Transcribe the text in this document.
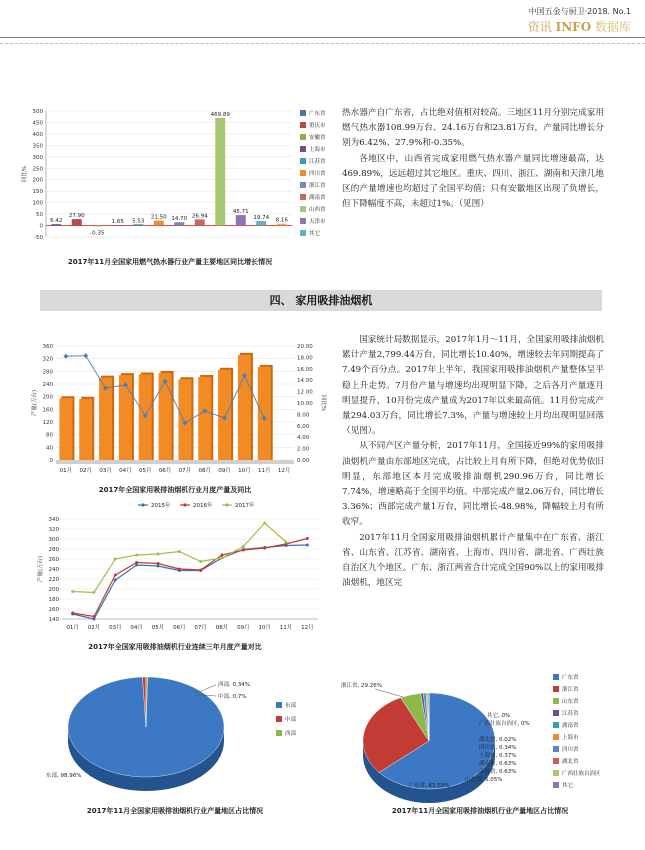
中国五金与厨卫·2018. No.1
资讯 INFO 数据库
-50
0
50
100
150
200
250
300
350
400
450
500
同比%
6.42
27.90
-0.35
1.65 5.53
21.50 14.70 26.94
469.89
45.71
19.74 8.16
广东省
重庆市
安徽省
上海市
江苏省
四川省
浙江省
湖南省
山西省
天津市
其它
2017年11月全国家用燃气热水器行业产量主要地区同比增长情况

热水器产自广东省，占比绝对值相对较高。三地区11月分别完成家用燃气热水器108.99万台、24.16万台和23.81万台，产量同比增长分别为6.42%、27.9%和-0.35%。

各地区中，山西省完成家用燃气热水器产量同比增速最高，达469.89%，远远超过其它地区。重庆、四川、浙江、湖南和天津几地区的产量增速也均超过了全国平均值；只有安徽地区出现了负增长，但下降幅度不高，未超过1%。（见图）

四、 家用吸排油烟机
0
40
80
120
160
200
240
280
320
360
0.00
2.00
4.00
6.00
8.00
10.00
12.00
14.00
16.00
18.00
20.00
产量(万台)	同比%
01月 02月 03月 04月 05月 06月 07月 08月 09月 10月 11月 12月
2017年全国家用吸排油烟机行业月度产量及同比
140
160
180
200
220
240
260
280
300
320
340
产量(万台)
01月 02月 03月 04月 05月 06月 07月 08月 09月 10月 11月 12月
2015年	2016年	2017年
2017年全国家用吸排油烟机行业连续三年月度产量对比

国家统计局数据显示，2017年1月～11月，全国家用吸排油烟机累计产量2,799.44万台，同比增长10.40%，增速较去年同期提高了7.49个百分点。2017年上半年，我国家用吸排油烟机产量整体呈平稳上升走势。7月份产量与增速均出现明显下降，之后各月产量逐月明显提升，10月份完成产量成为2017年以来最高值。11月份完成产量294.03万台，同比增长7.3%，产量与增速较上月均出现明显回落（见图）。

从不同产区产量分析，2017年11月，全国接近99%的家用吸排油烟机产量由东部地区完成，占比较上月有所下降，但绝对优势依旧明显，东部地区本月完成吸排油烟机290.96万台，同比增长7.74%，增速略高于全国平均值。中部完成产量2.06万台，同比增长3.36%；西部完成产量1万台，同比增长-48.98%，降幅较上月有所收窄。

2017年11月全国家用吸排油烟机累计产量集中在广东省、浙江省、山东省、江苏省、湖南省、上海市、四川省、湖北省、广西壮族自治区九个地区。广东、浙江两省合计完成全国90%以上的家用吸排油烟机，地区完

东部
中部
西部
东部, 98.96%
中部, 0.7%
西部, 0.34%
2017年11月全国家用吸排油烟机行业产量地区占比情况
广东省
浙江省
山东省
江苏省
湖南省
上海市
四川省
湖北省
广西壮族自治区
其它
广东省, 63.59%
浙江省, 29.26%
山东省, 5.05%
江苏省, 0.63%
湖南省, 0.63%
上海市, 0.37%
四川省, 0.34%
湖北省, 0.02%
广西壮族自治区, 0%
其它, 0%
2017年11月全国家用吸排油烟机行业产量地区占比情况
